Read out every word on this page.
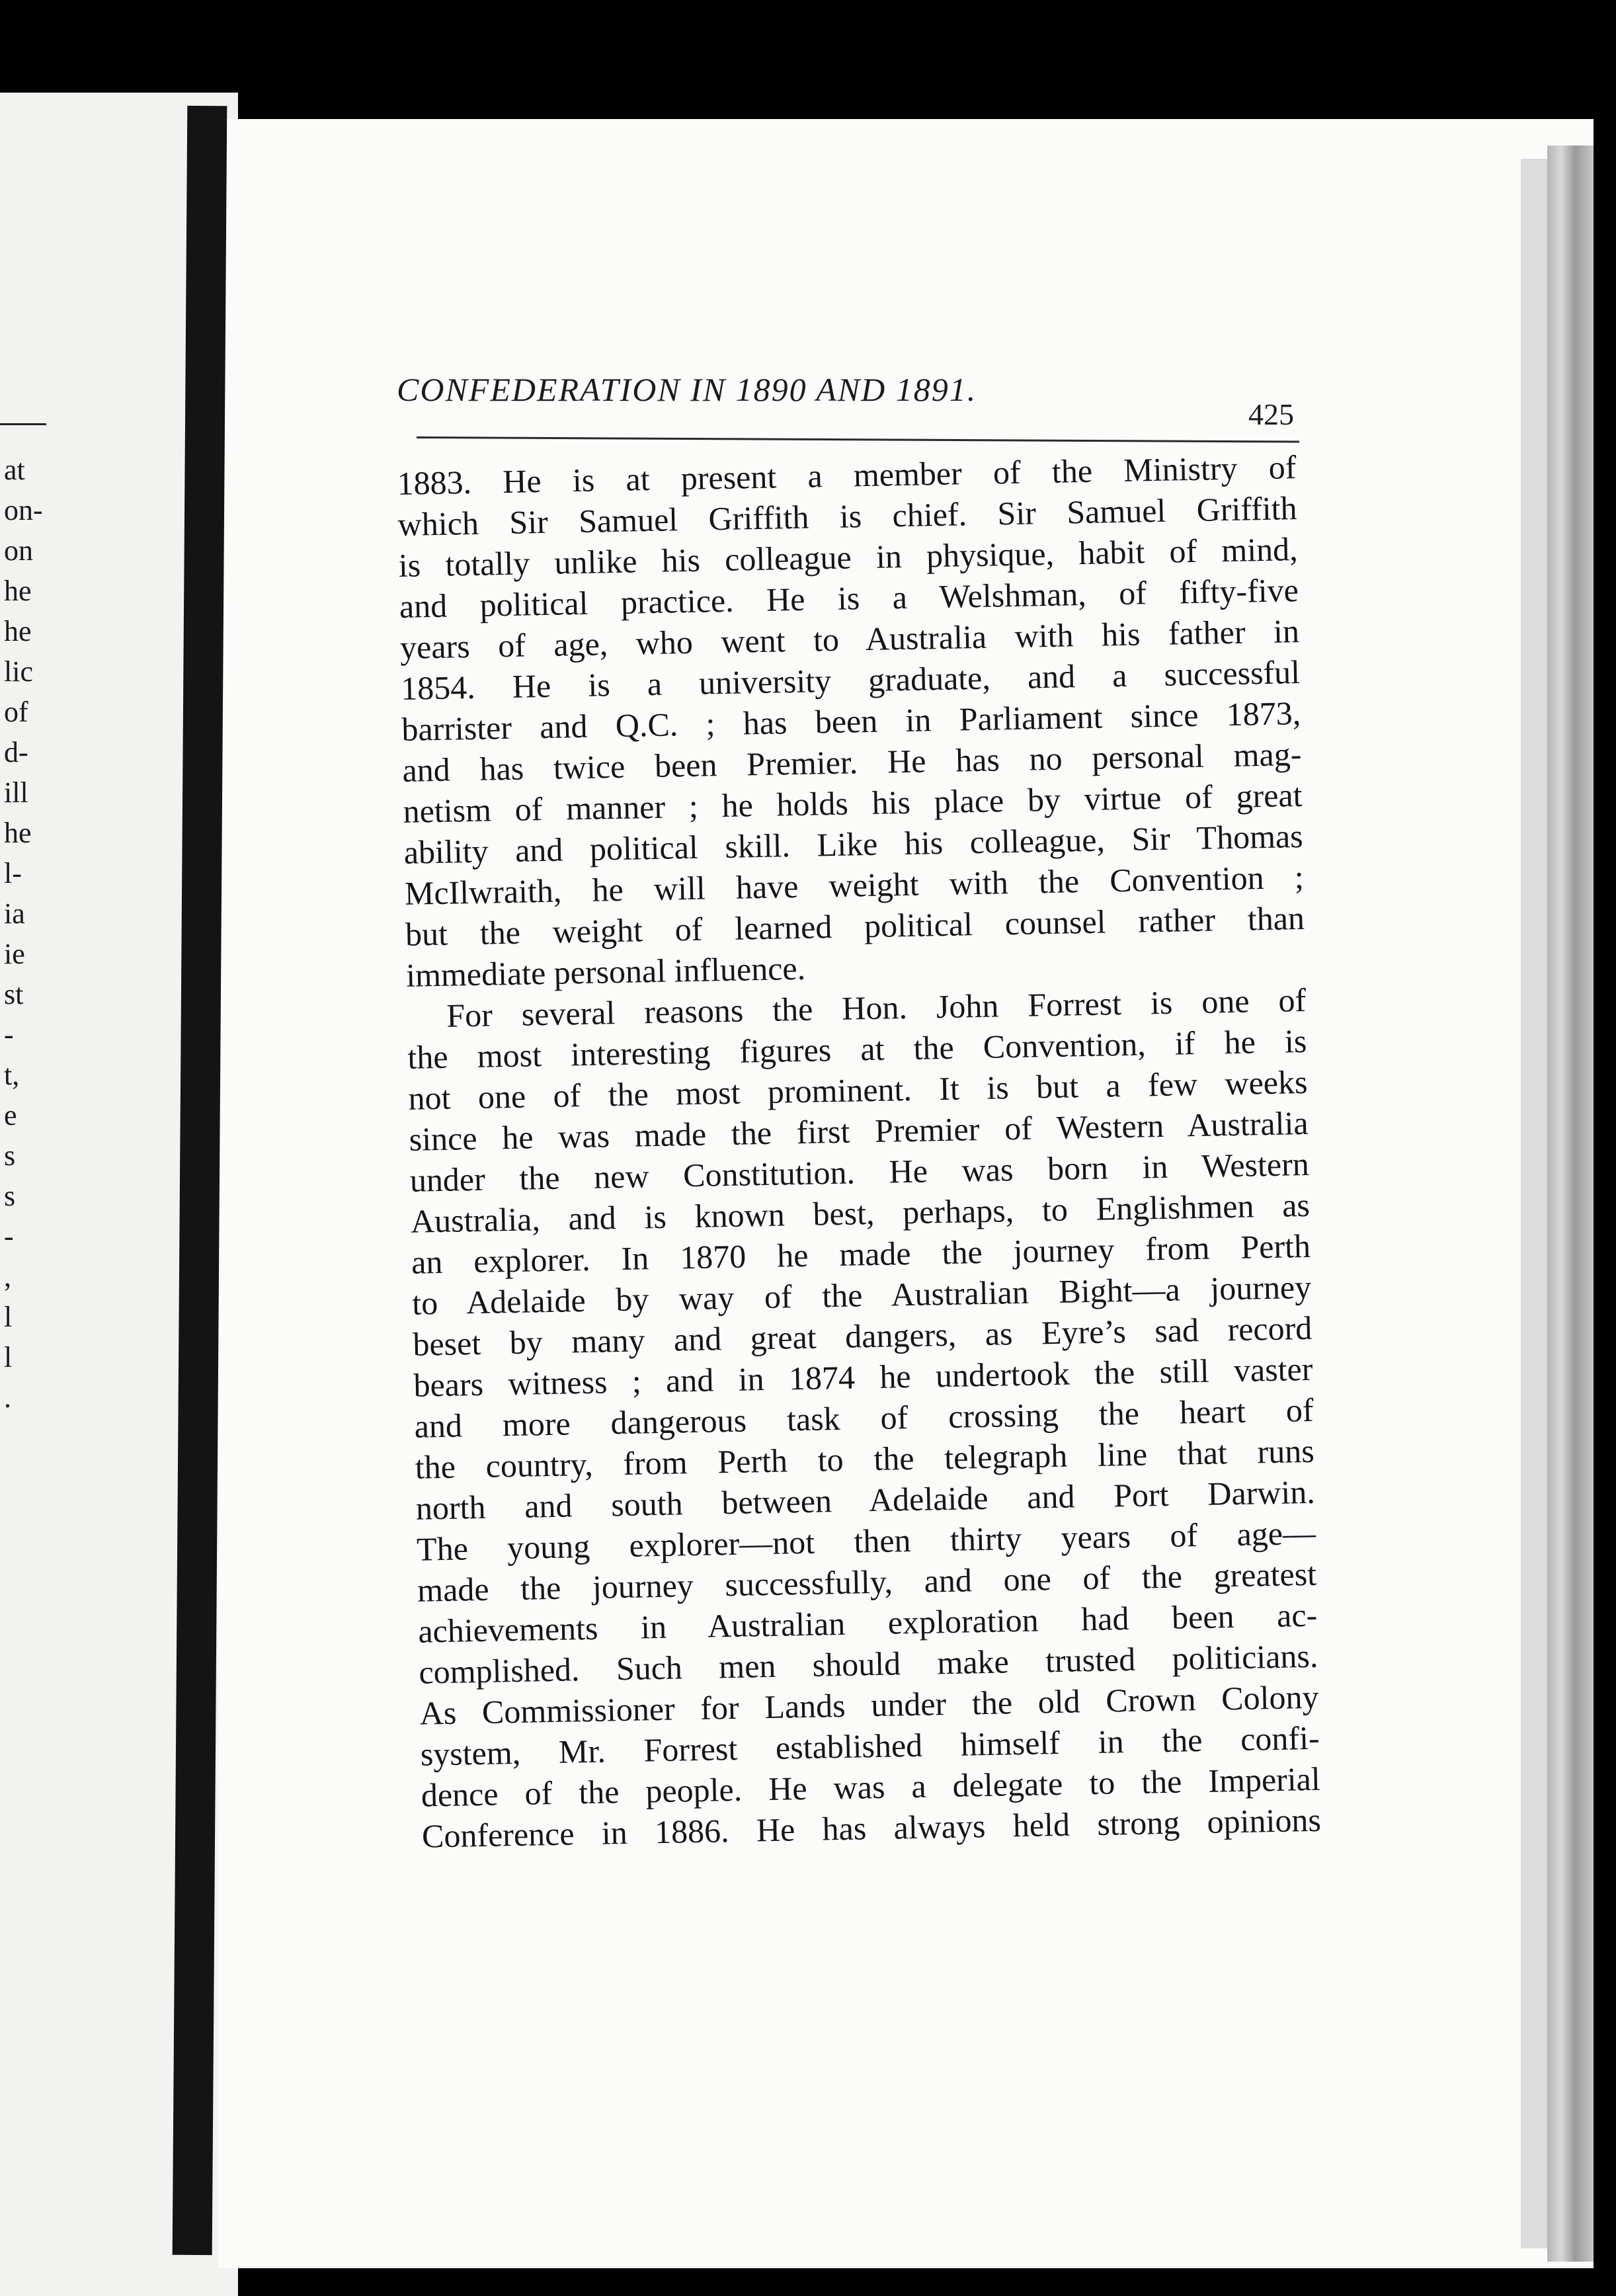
at
on-
on
he
he
lic
of
d-
ill
he
l-
ia
ie
st
‑
t,
e
s
s
-
,
l
l
.
CONFEDERATION IN 1890 AND 1891.
425
1883. He is at present a member of the Ministry of
which Sir Samuel Griffith is chief. Sir Samuel Griffith
is totally unlike his colleague in physique, habit of mind,
and political practice. He is a Welshman, of fifty-five
years of age, who went to Australia with his father in
1854. He is a university graduate, and a successful
barrister and Q.C. ; has been in Parliament since 1873,
and has twice been Premier. He has no personal mag-
netism of manner ; he holds his place by virtue of great
ability and political skill. Like his colleague, Sir Thomas
McIlwraith, he will have weight with the Convention ;
but the weight of learned political counsel rather than
immediate personal influence.
For several reasons the Hon. John Forrest is one of
the most interesting figures at the Convention, if he is
not one of the most prominent. It is but a few weeks
since he was made the first Premier of Western Australia
under the new Constitution. He was born in Western
Australia, and is known best, perhaps, to Englishmen as
an explorer. In 1870 he made the journey from Perth
to Adelaide by way of the Australian Bight—a journey
beset by many and great dangers, as Eyre’s sad record
bears witness ; and in 1874 he undertook the still vaster
and more dangerous task of crossing the heart of
the country, from Perth to the telegraph line that runs
north and south between Adelaide and Port Darwin.
The young explorer—not then thirty years of age—
made the journey successfully, and one of the greatest
achievements in Australian exploration had been ac-
complished. Such men should make trusted politicians.
As Commissioner for Lands under the old Crown Colony
system, Mr. Forrest established himself in the confi-
dence of the people. He was a delegate to the Imperial
Conference in 1886. He has always held strong opinions
